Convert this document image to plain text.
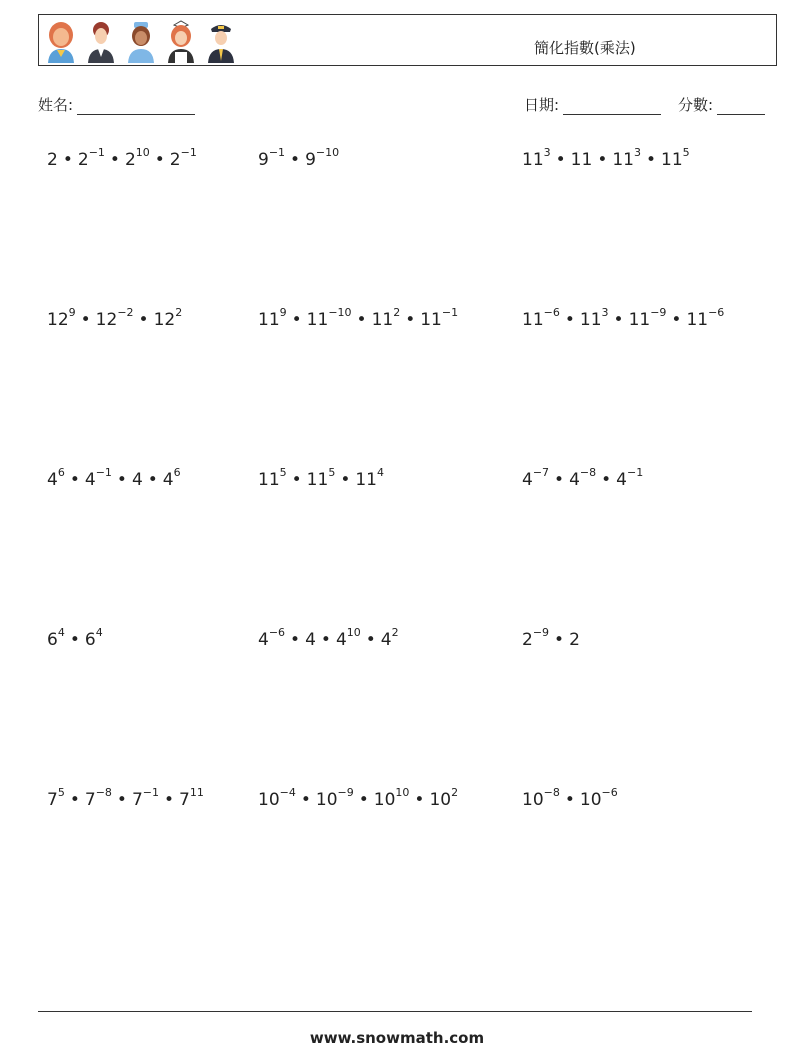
簡化指數(乘法)
姓名:	日期:	分數:
2 • $2^{-1}$ • $2^{10}$ • $2^{-1}$	$9^{-1}$ • $9^{-10}$	$11^3$ • 11 • $11^3$ • $11^5$
$12^9$ • $12^{-2}$ • $12^2$	$11^9$ • $11^{-10}$ • $11^2$ • $11^{-1}$	$11^{-6}$ • $11^3$ • $11^{-9}$ • $11^{-6}$
$4^6$ • $4^{-1}$ • 4 • $4^6$	$11^5$ • $11^5$ • $11^4$	$4^{-7}$ • $4^{-8}$ • $4^{-1}$
$6^4$ • $6^4$	$4^{-6}$ • 4 • $4^{10}$ • $4^2$	$2^{-9}$ • 2
$7^5$ • $7^{-8}$ • $7^{-1}$ • $7^{11}$	$10^{-4}$ • $10^{-9}$ • $10^{10}$ • $10^2$	$10^{-8}$ • $10^{-6}$
www.snowmath.com
